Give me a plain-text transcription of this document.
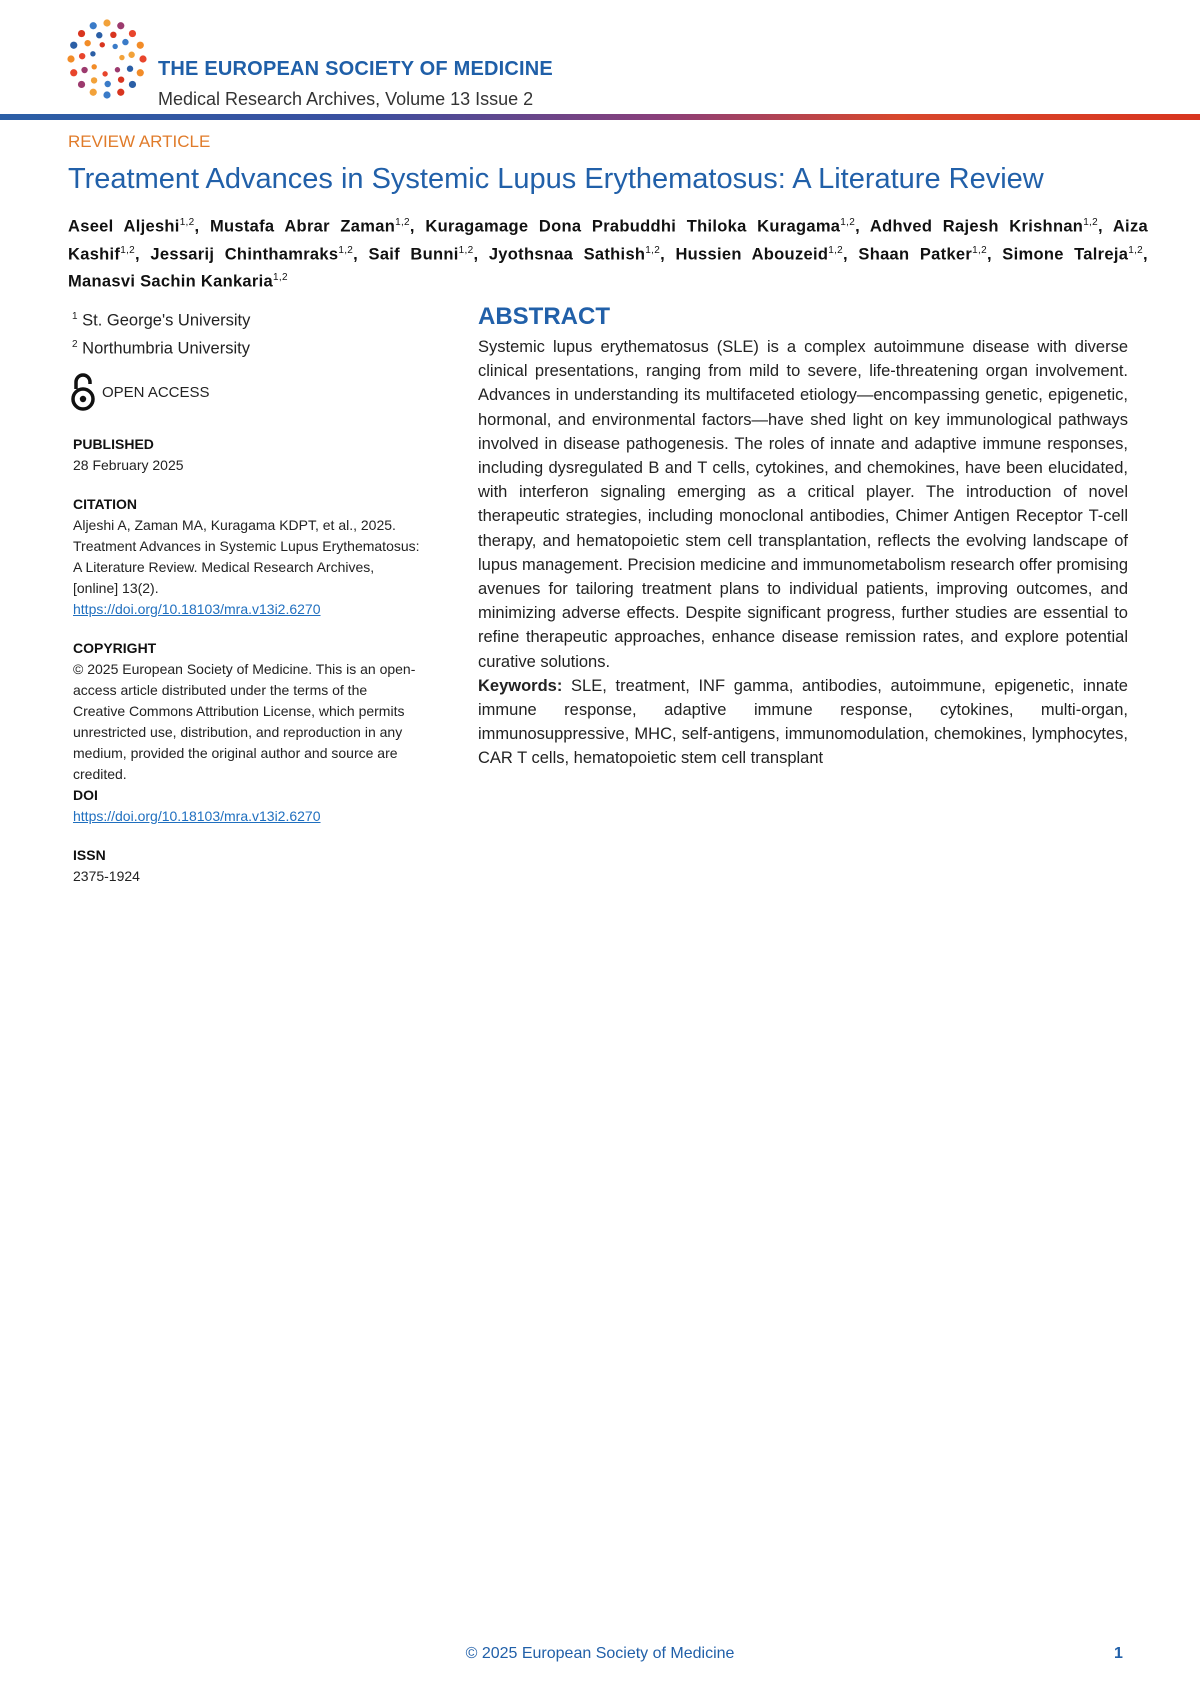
THE EUROPEAN SOCIETY OF MEDICINE
Medical Research Archives, Volume 13 Issue 2
REVIEW ARTICLE
Treatment Advances in Systemic Lupus Erythematosus: A Literature Review
Aseel Aljeshi$^{1,2}$, Mustafa Abrar Zaman$^{1,2}$, Kuragamage Dona Prabuddhi Thiloka Kuragama$^{1,2}$, Adhved Rajesh Krishnan$^{1,2}$, Aiza Kashif$^{1,2}$, Jessarij Chinthamraks$^{1,2}$, Saif Bunni$^{1,2}$, Jyothsnaa Sathish$^{1,2}$, Hussien Abouzeid$^{1,2}$, Shaan Patker$^{1,2}$, Simone Talreja$^{1,2}$, Manasvi Sachin Kankaria$^{1,2}$
$^1$ St. George's University
$^2$ Northumbria University
OPEN ACCESS
PUBLISHED
28 February 2025
CITATION
Aljeshi A, Zaman MA, Kuragama KDPT, et al., 2025. Treatment Advances in Systemic Lupus Erythematosus: A Literature Review. Medical Research Archives, [online] 13(2).
https://doi.org/10.18103/mra.v13i2.6270
COPYRIGHT
© 2025 European Society of Medicine. This is an open-access article distributed under the terms of the Creative Commons Attribution License, which permits unrestricted use, distribution, and reproduction in any medium, provided the original author and source are credited.
DOI
https://doi.org/10.18103/mra.v13i2.6270
ISSN
2375-1924
ABSTRACT
Systemic lupus erythematosus (SLE) is a complex autoimmune disease with diverse clinical presentations, ranging from mild to severe, life-threatening organ involvement. Advances in understanding its multifaceted etiology—encompassing genetic, epigenetic, hormonal, and environmental factors—have shed light on key immunological pathways involved in disease pathogenesis. The roles of innate and adaptive immune responses, including dysregulated B and T cells, cytokines, and chemokines, have been elucidated, with interferon signaling emerging as a critical player. The introduction of novel therapeutic strategies, including monoclonal antibodies, Chimer Antigen Receptor T-cell therapy, and hematopoietic stem cell transplantation, reflects the evolving landscape of lupus management. Precision medicine and immunometabolism research offer promising avenues for tailoring treatment plans to individual patients, improving outcomes, and minimizing adverse effects. Despite significant progress, further studies are essential to refine therapeutic approaches, enhance disease remission rates, and explore potential curative solutions.
Keywords: SLE, treatment, INF gamma, antibodies, autoimmune, epigenetic, innate immune response, adaptive immune response, cytokines, multi-organ, immunosuppressive, MHC, self-antigens, immunomodulation, chemokines, lymphocytes, CAR T cells, hematopoietic stem cell transplant
© 2025 European Society of Medicine	1
